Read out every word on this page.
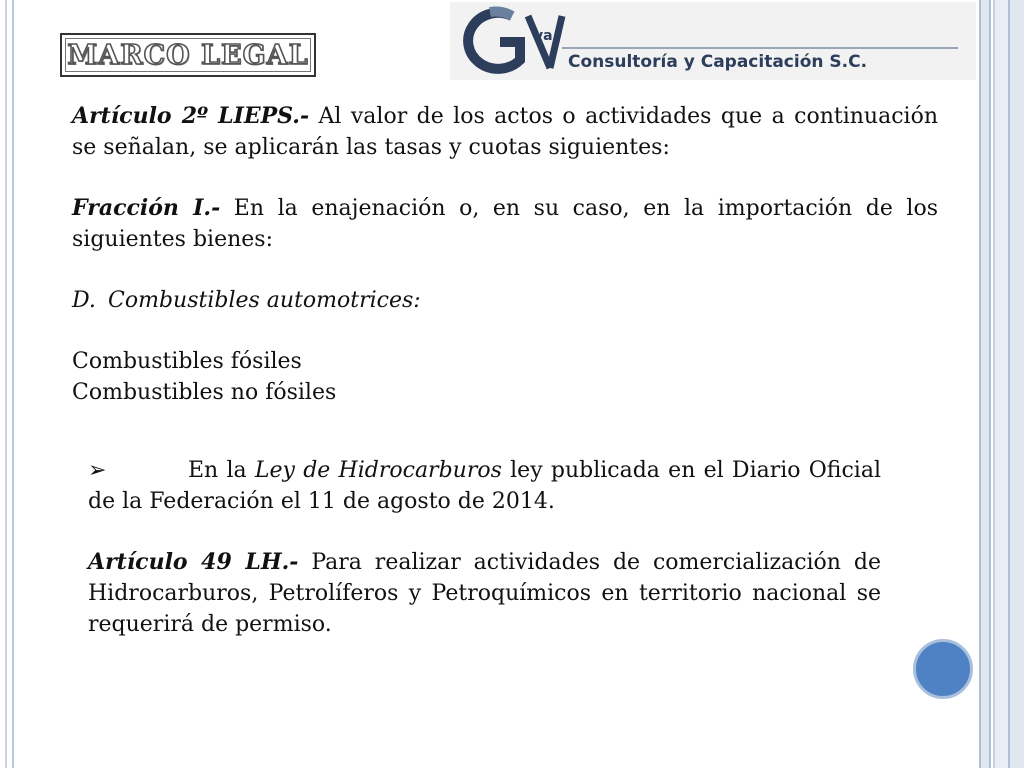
MARCO LEGAL
va
Consultoría y Capacitación S.C.

Artículo 2º LIEPS.- Al valor de los actos o actividades que a continuación se señalan, se aplicarán las tasas y cuotas siguientes:

Fracción I.- En la enajenación o, en su caso, en la importación de los siguientes bienes:

D. Combustibles automotrices:

Combustibles fósiles

Combustibles no fósiles

➢	En la Ley de Hidrocarburos ley publicada en el Diario Oficial de la Federación el 11 de agosto de 2014.

Artículo 49 LH.- Para realizar actividades de comercialización de Hidrocarburos, Petrolíferos y Petroquímicos en territorio nacional se requerirá de permiso.
